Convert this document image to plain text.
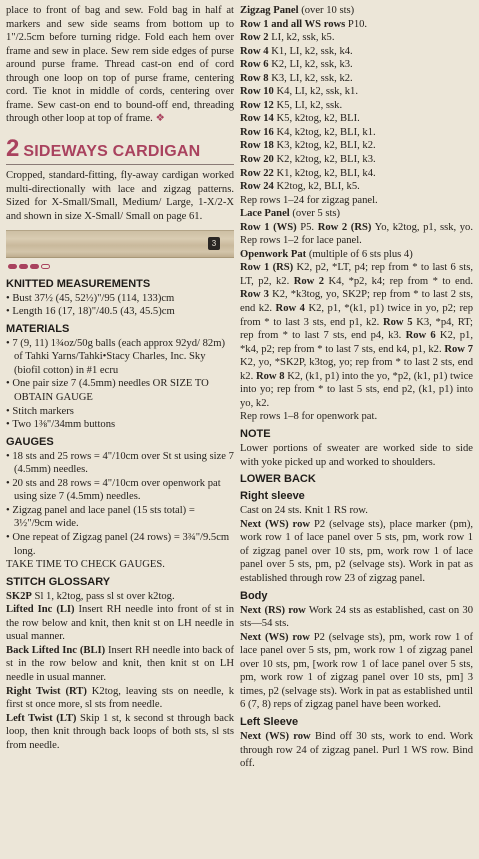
place to front of bag and sew. Fold bag in half at markers and sew side seams from bottom up to 1"/2.5cm before turning ridge. Fold each hem over frame and sew in place. Sew rem side edges of purse around purse frame. Thread cast-on end of cord through one loop on top of purse frame, centering cord. Tie knot in middle of cords, centering over frame. Sew cast-on end to bound-off end, threading through other loop at top of frame. ❖

2 SIDEWAYS CARDIGAN

Cropped, standard-fitting, fly-away cardigan worked multi-directionally with lace and zigzag patterns. Sized for X-Small/Small, Medium/ Large, 1-X/2-X and shown in size X-Small/ Small on page 61.

3
KNITTED MEASUREMENTS
• Bust 37½ (45, 52½)"/95 (114, 133)cm
• Length 16 (17, 18)"/40.5 (43, 45.5)cm
MATERIALS
• 7 (9, 11) 1¾oz/50g balls (each approx 92yd/ 82m) of Tahki Yarns/Tahki•Stacy Charles, Inc. Sky (biofil cotton) in #1 ecru
• One pair size 7 (4.5mm) needles OR SIZE TO OBTAIN GAUGE
• Stitch markers
• Two 1⅜"/34mm buttons
GAUGES
• 18 sts and 25 rows = 4"/10cm over St st using size 7 (4.5mm) needles.
• 20 sts and 28 rows = 4"/10cm over openwork pat using size 7 (4.5mm) needles.
• Zigzag panel and lace panel (15 sts total) = 3½"/9cm wide.
• One repeat of Zigzag panel (24 rows) = 3¾"/9.5cm long.

TAKE TIME TO CHECK GAUGES.

STITCH GLOSSARY

SK2P Sl 1, k2tog, pass sl st over k2tog.

Lifted Inc (LI) Insert RH needle into front of st in the row below and knit, then knit st on LH needle in usual manner.

Back Lifted Inc (BLI) Insert RH needle into back of st in the row below and knit, then knit st on LH needle in usual manner.

Right Twist (RT) K2tog, leaving sts on needle, k first st once more, sl sts from needle.

Left Twist (LT) Skip 1 st, k second st through back loop, then knit through back loops of both sts, sl sts from needle.

Zigzag Panel (over 10 sts)

Row 1 and all WS rows P10.

Row 2 LI, k2, ssk, k5.

Row 4 K1, LI, k2, ssk, k4.

Row 6 K2, LI, k2, ssk, k3.

Row 8 K3, LI, k2, ssk, k2.

Row 10 K4, LI, k2, ssk, k1.

Row 12 K5, LI, k2, ssk.

Row 14 K5, k2tog, k2, BLI.

Row 16 K4, k2tog, k2, BLI, k1.

Row 18 K3, k2tog, k2, BLI, k2.

Row 20 K2, k2tog, k2, BLI, k3.

Row 22 K1, k2tog, k2, BLI, k4.

Row 24 K2tog, k2, BLI, k5.

Rep rows 1–24 for zigzag panel.

Lace Panel (over 5 sts)

Row 1 (WS) P5. Row 2 (RS) Yo, k2tog, p1, ssk, yo. Rep rows 1–2 for lace panel.

Openwork Pat (multiple of 6 sts plus 4)

Row 1 (RS) K2, p2, *LT, p4; rep from * to last 6 sts, LT, p2, k2. Row 2 K4, *p2, k4; rep from * to end. Row 3 K2, *k3tog, yo, SK2P; rep from * to last 2 sts, end k2. Row 4 K2, p1, *(k1, p1) twice in yo, p2; rep from * to last 3 sts, end p1, k2. Row 5 K3, *p4, RT; rep from * to last 7 sts, end p4, k3. Row 6 K2, p1, *k4, p2; rep from * to last 7 sts, end k4, p1, k2. Row 7 K2, yo, *SK2P, k3tog, yo; rep from * to last 2 sts, end k2. Row 8 K2, (k1, p1) into the yo, *p2, (k1, p1) twice into yo; rep from * to last 5 sts, end p2, (k1, p1) into yo, k2.

Rep rows 1–8 for openwork pat.

NOTE

Lower portions of sweater are worked side to side with yoke picked up and worked to shoulders.

LOWER BACK
Right sleeve

Cast on 24 sts. Knit 1 RS row.

Next (WS) row P2 (selvage sts), place marker (pm), work row 1 of lace panel over 5 sts, pm, work row 1 of zigzag panel over 10 sts, pm, work row 1 of lace panel over 5 sts, pm, p2 (selvage sts). Work in pat as established through row 23 of zigzag panel.

Body

Next (RS) row Work 24 sts as established, cast on 30 sts—54 sts.

Next (WS) row P2 (selvage sts), pm, work row 1 of lace panel over 5 sts, pm, work row 1 of zigzag panel over 10 sts, pm, [work row 1 of lace panel over 5 sts, pm, work row 1 of zigzag panel over 10 sts, pm] 3 times, p2 (selvage sts). Work in pat as established until 6 (7, 8) reps of zigzag panel have been worked.

Left Sleeve

Next (WS) row Bind off 30 sts, work to end. Work through row 24 of zigzag panel. Purl 1 WS row. Bind off.
